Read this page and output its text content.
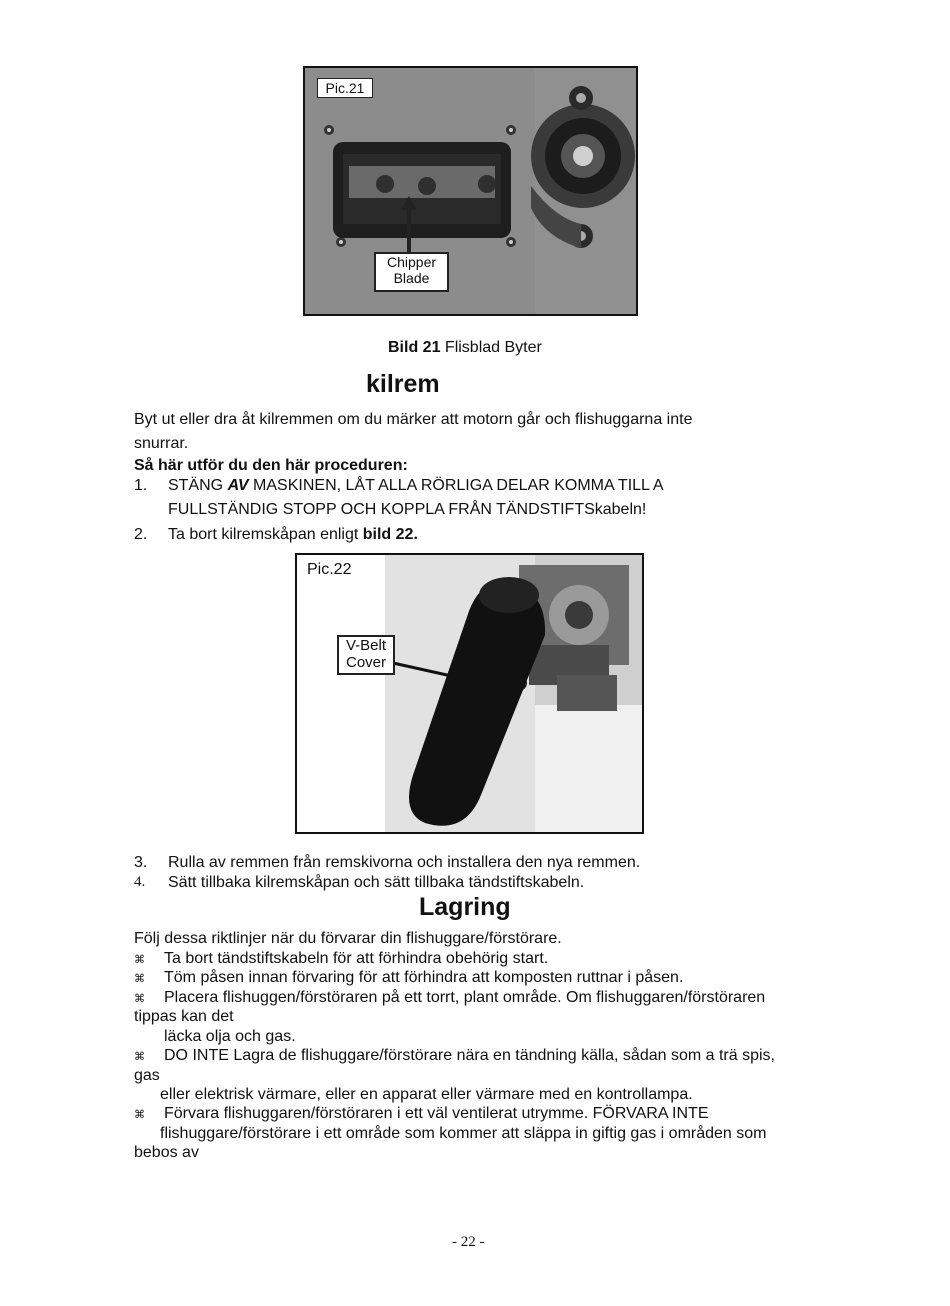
Pic.21
Chipper
Blade
Bild 21 Flisblad Byter
kilrem
Byt ut eller dra åt kilremmen om du märker att motorn går och flishuggarna inte
snurrar.
Så här utför du den här proceduren:
1. STÄNG AV MASKINEN, LÅT ALLA RÖRLIGA DELAR KOMMA TILL A
FULLSTÄNDIG STOPP OCH KOPPLA FRÅN TÄNDSTIFTSkabeln!
2. Ta bort kilremskåpan enligt bild 22.
Pic.22
V-Belt
Cover
3. Rulla av remmen från remskivorna och installera den nya remmen.
4. Sätt tillbaka kilremskåpan och sätt tillbaka tändstiftskabeln.
Lagring
Följ dessa riktlinjer när du förvarar din flishuggare/förstörare.
⌘ Ta bort tändstiftskabeln för att förhindra obehörig start.
⌘ Töm påsen innan förvaring för att förhindra att komposten ruttnar i påsen.
⌘ Placera flishuggen/förstöraren på ett torrt, plant område. Om flishuggaren/förstöraren
tippas kan det
läcka olja och gas.
⌘ DO INTE Lagra de flishuggare/förstörare nära en tändning källa, sådan som a trä spis,
gas
eller elektrisk värmare, eller en apparat eller värmare med en kontrollampa.
⌘ Förvara flishuggaren/förstöraren i ett väl ventilerat utrymme. FÖRVARA INTE
flishuggare/förstörare i ett område som kommer att släppa in giftig gas i områden som
bebos av
- 22 -
